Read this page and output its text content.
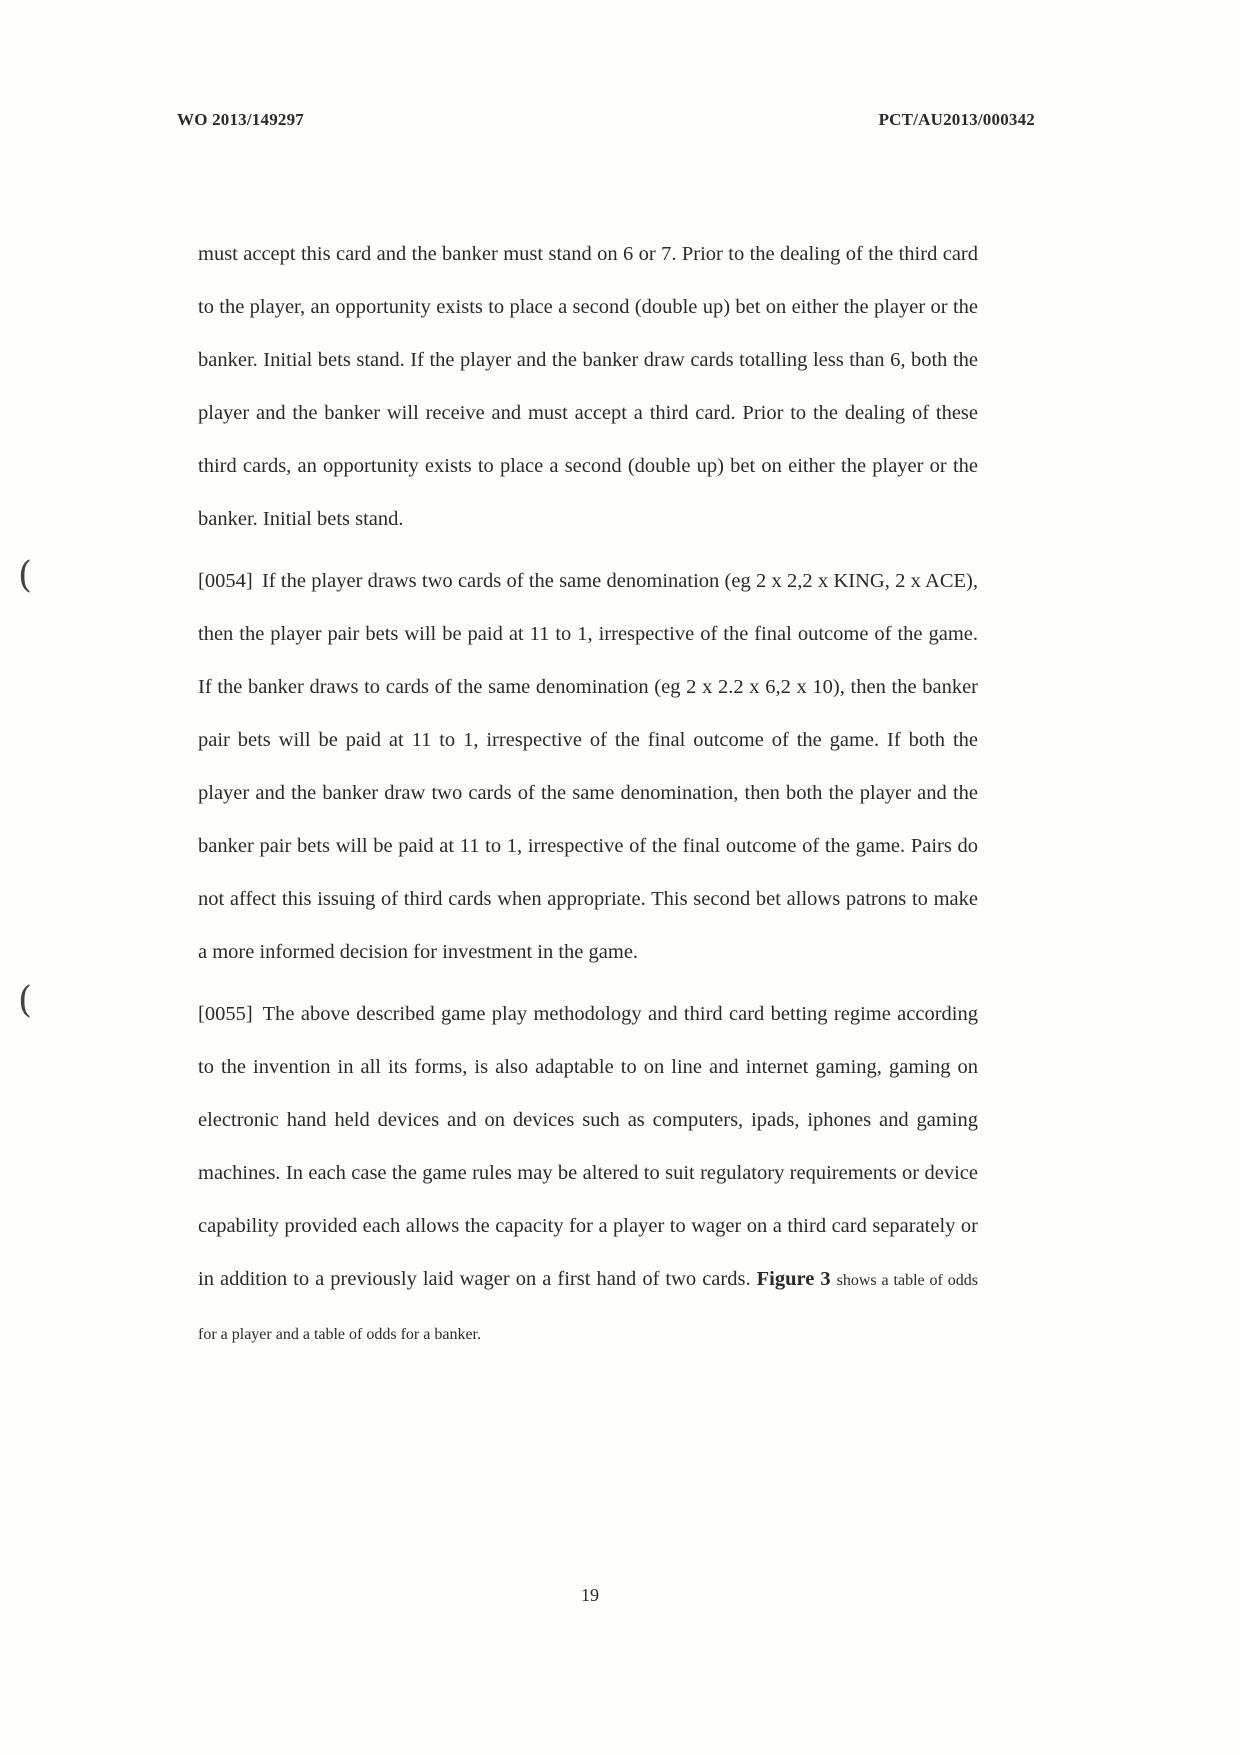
WO 2013/149297	PCT/AU2013/000342
(
(

must accept this card and the banker must stand on 6 or 7. Prior to the dealing of the third card to the player, an opportunity exists to place a second (double up) bet on either the player or the banker. Initial bets stand. If the player and the banker draw cards totalling less than 6, both the player and the banker will receive and must accept a third card. Prior to the dealing of these third cards, an opportunity exists to place a second (double up) bet on either the player or the banker. Initial bets stand.

[0054] If the player draws two cards of the same denomination (eg 2 x 2,2 x KING, 2 x ACE), then the player pair bets will be paid at 11 to 1, irrespective of the final outcome of the game. If the banker draws to cards of the same denomination (eg 2 x 2.2 x 6,2 x 10), then the banker pair bets will be paid at 11 to 1, irrespective of the final outcome of the game. If both the player and the banker draw two cards of the same denomination, then both the player and the banker pair bets will be paid at 11 to 1, irrespective of the final outcome of the game. Pairs do not affect this issuing of third cards when appropriate. This second bet allows patrons to make a more informed decision for investment in the game.

[0055] The above described game play methodology and third card betting regime according to the invention in all its forms, is also adaptable to on line and internet gaming, gaming on electronic hand held devices and on devices such as computers, ipads, iphones and gaming machines. In each case the game rules may be altered to suit regulatory requirements or device capability provided each allows the capacity for a player to wager on a third card separately or in addition to a previously laid wager on a first hand of two cards. Figure 3 shows a table of odds for a player and a table of odds for a banker.

19
